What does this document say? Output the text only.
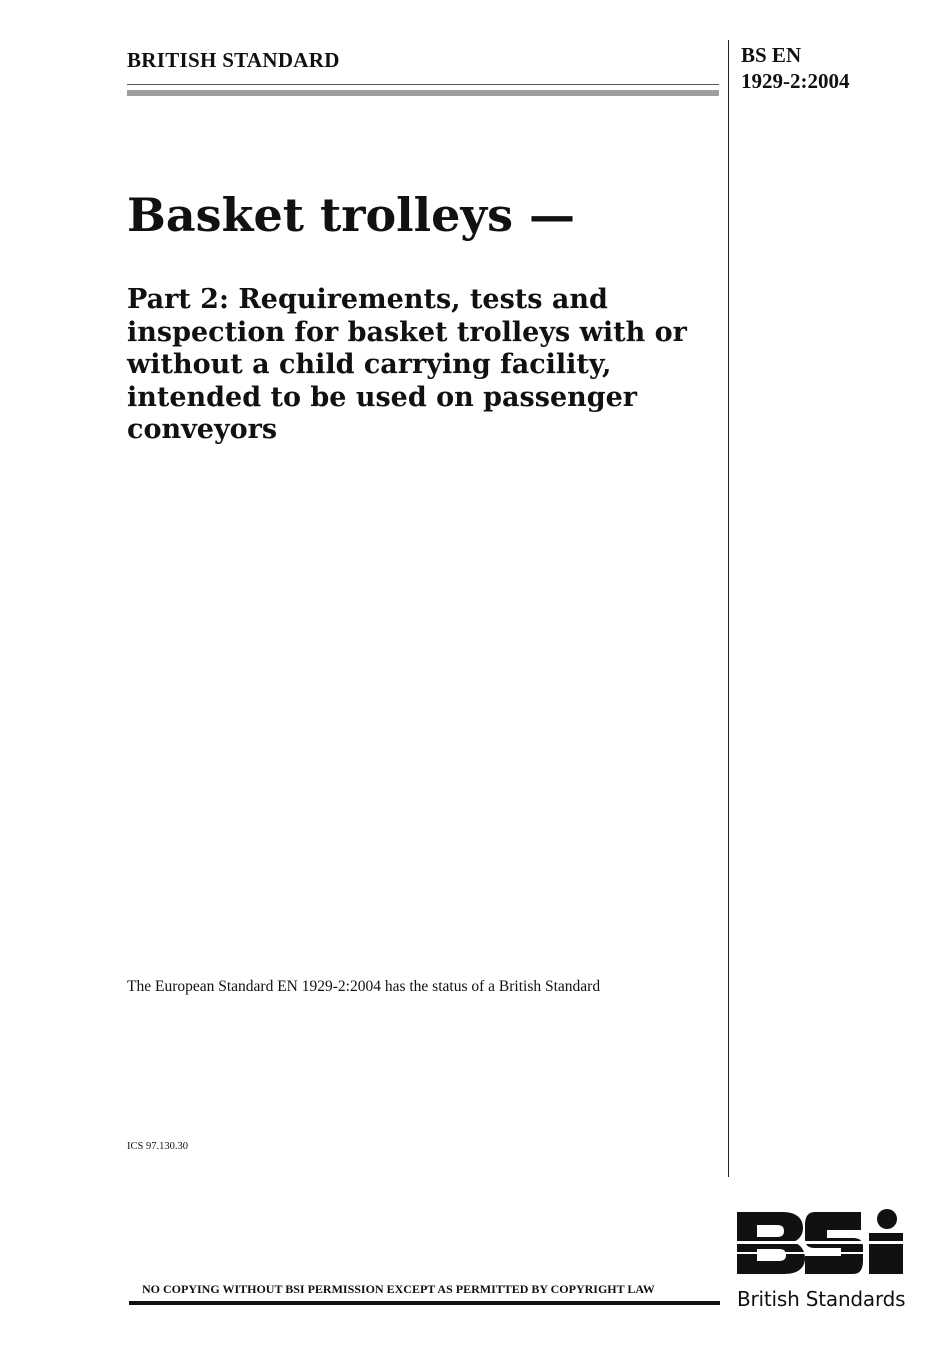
BRITISH STANDARD	BS EN
1929-2:2004
Basket trolleys —
Part 2: Requirements, tests and inspection for basket trolleys with or without a child carrying facility, intended to be used on passenger conveyors
The European Standard EN 1929-2:2004 has the status of a British Standard
ICS 97.130.30
NO COPYING WITHOUT BSI PERMISSION EXCEPT AS PERMITTED BY COPYRIGHT LAW	British Standards
